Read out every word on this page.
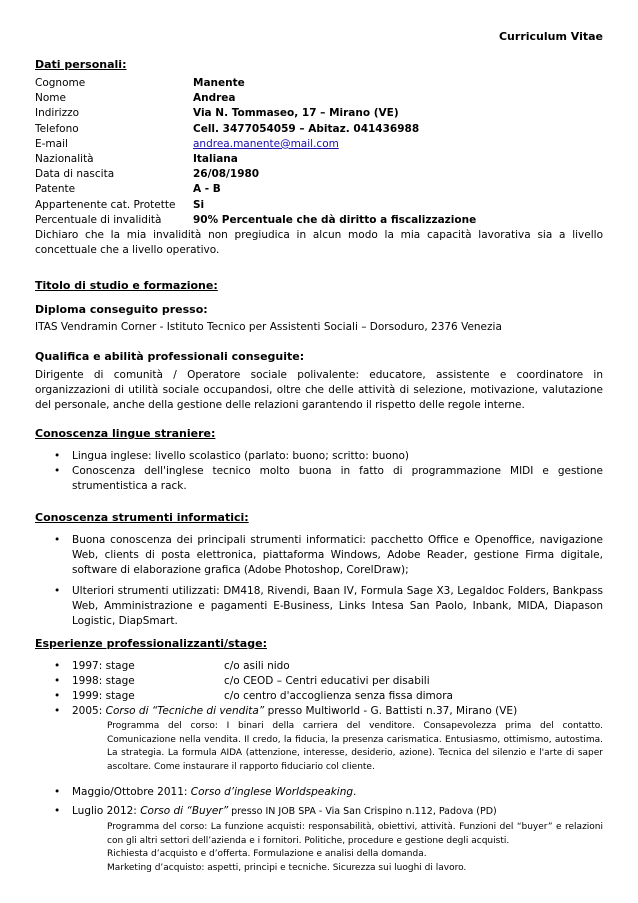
Curriculum Vitae
Dati personali:
Cognome	Manente
Nome	Andrea
Indirizzo	Via N. Tommaseo, 17 – Mirano (VE)
Telefono	Cell. 3477054059 – Abitaz. 041436988
E-mail	andrea.manente@mail.com
Nazionalità	Italiana
Data di nascita	26/08/1980
Patente	A - B
Appartenente cat. Protette	Si
Percentuale di invalidità	90% Percentuale che dà diritto a fiscalizzazione

Dichiaro che la mia invalidità non pregiudica in alcun modo la mia capacità lavorativa sia a livello concettuale che a livello operativo.

Titolo di studio e formazione:
Diploma conseguito presso:

ITAS Vendramin Corner - Istituto Tecnico per Assistenti Sociali – Dorsoduro, 2376 Venezia

Qualifica e abilità professionali conseguite:

Dirigente di comunità / Operatore sociale polivalente: educatore, assistente e coordinatore in organizzazioni di utilità sociale occupandosi, oltre che delle attività di selezione, motivazione, valutazione del personale, anche della gestione delle relazioni garantendo il rispetto delle regole interne.

Conoscenza lingue straniere:
• Lingua inglese: livello scolastico (parlato: buono; scritto: buono)
• Conoscenza dell'inglese tecnico molto buona in fatto di programmazione MIDI e gestione strumentistica a rack.
Conoscenza strumenti informatici:
• Buona conoscenza dei principali strumenti informatici: pacchetto Office e Openoffice, navigazione Web, clients di posta elettronica, piattaforma Windows, Adobe Reader, gestione Firma digitale, software di elaborazione grafica (Adobe Photoshop, CorelDraw);
• Ulteriori strumenti utilizzati: DM418, Rivendi, Baan IV, Formula Sage X3, Legaldoc Folders, Bankpass Web, Amministrazione e pagamenti E-Business, Links Intesa San Paolo, Inbank, MIDA, Diapason Logistic, DiapSmart.
Esperienze professionalizzanti/stage:
• 1997: stage	c/o asili nido
• 1998: stage	c/o CEOD – Centri educativi per disabili
• 1999: stage	c/o centro d'accoglienza senza fissa dimora
• 2005: Corso di “Tecniche di vendita” presso Multiworld - G. Battisti n.37, Mirano (VE)

Programma del corso: I binari della carriera del venditore. Consapevolezza prima del contatto. Comunicazione nella vendita. Il credo, la fiducia, la presenza carismatica. Entusiasmo, ottimismo, autostima. La strategia. La formula AIDA (attenzione, interesse, desiderio, azione). Tecnica del silenzio e l'arte di saper ascoltare. Come instaurare il rapporto fiduciario col cliente.

• Maggio/Ottobre 2011: Corso d’inglese Worldspeaking.
• Luglio 2012: Corso di “Buyer” presso IN JOB SPA - Via San Crispino n.112, Padova (PD)

Programma del corso: La funzione acquisti: responsabilità, obiettivi, attività. Funzioni del “buyer” e relazioni con gli altri settori dell’azienda e i fornitori. Politiche, procedure e gestione degli acquisti.

Richiesta d’acquisto e d’offerta. Formulazione e analisi della domanda.

Marketing d’acquisto: aspetti, principi e tecniche. Sicurezza sui luoghi di lavoro.
